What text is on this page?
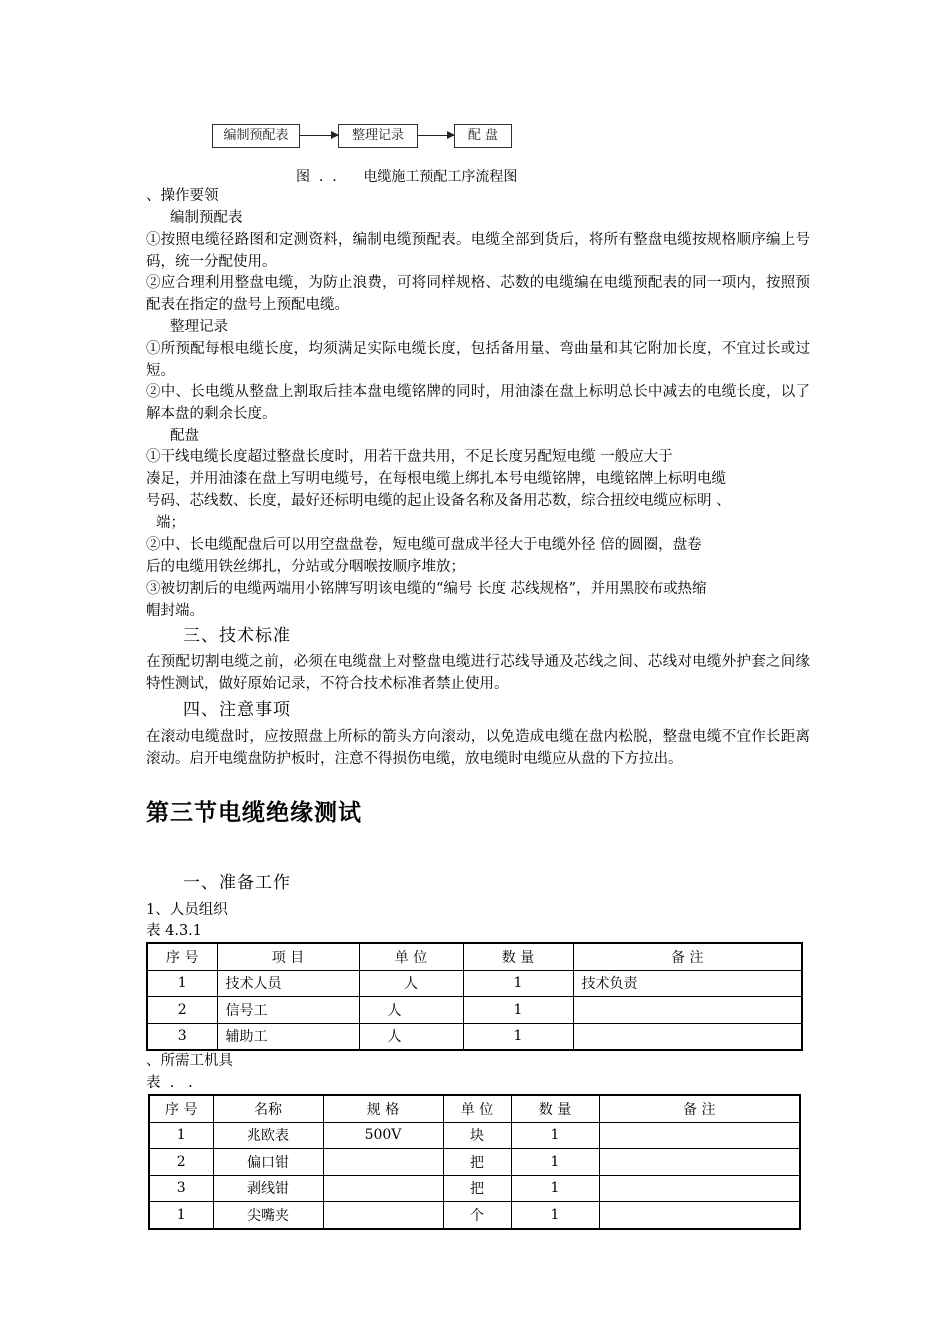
编制预配表	整理记录	配 盘
图  .  .      电缆施工预配工序流程图
、操作要领
编制预配表
①按照电缆径路图和定测资料，编制电缆预配表。电缆全部到货后，将所有整盘电缆按规格顺序编上号码，统一分配使用。
②应合理利用整盘电缆，为防止浪费，可将同样规格、芯数的电缆编在电缆预配表的同一项内，按照预配表在指定的盘号上预配电缆。
整理记录
①所预配每根电缆长度，均须满足实际电缆长度，包括备用量、弯曲量和其它附加长度，不宜过长或过短。
②中、长电缆从整盘上割取后挂本盘电缆铭牌的同时，用油漆在盘上标明总长中减去的电缆长度，以了解本盘的剩余长度。
配盘
①干线电缆长度超过整盘长度时，用若干盘共用，不足长度另配短电缆 一般应大于
凑足，并用油漆在盘上写明电缆号，在每根电缆上绑扎本号电缆铭牌，电缆铭牌上标明电缆
号码、芯线数、长度，最好还标明电缆的起止设备名称及备用芯数，综合扭绞电缆应标明 、
端；
②中、长电缆配盘后可以用空盘盘卷，短电缆可盘成半径大于电缆外径 倍的圆圈，盘卷
后的电缆用铁丝绑扎，分站或分咽喉按顺序堆放；
③被切割后的电缆两端用小铭牌写明该电缆的“编号 长度 芯线规格”，并用黑胶布或热缩
帽封端。
三、技术标准
在预配切割电缆之前，必须在电缆盘上对整盘电缆进行芯线导通及芯线之间、芯线对电缆外护套之间缘特性测试，做好原始记录，不符合技术标准者禁止使用。
四、注意事项
在滚动电缆盘时，应按照盘上所标的箭头方向滚动，以免造成电缆在盘内松脱，整盘电缆不宜作长距离滚动。启开电缆盘防护板时，注意不得损伤电缆，放电缆时电缆应从盘的下方拉出。
第三节电缆绝缘测试
一、准备工作
1、人员组织
表 4.3.1
序 号	项 目	单 位	数 量	备 注
1	技术人员	人	1	技术负责
2	信号工	人	1	
3	辅助工	人	1	
、所需工机具
表  .   .
序 号	名称	规 格	单 位	数 量	备 注
1	兆欧表	500V	块	1	
2	偏口钳		把	1	
3	剥线钳		把	1	
1	尖嘴夹		个	1	
